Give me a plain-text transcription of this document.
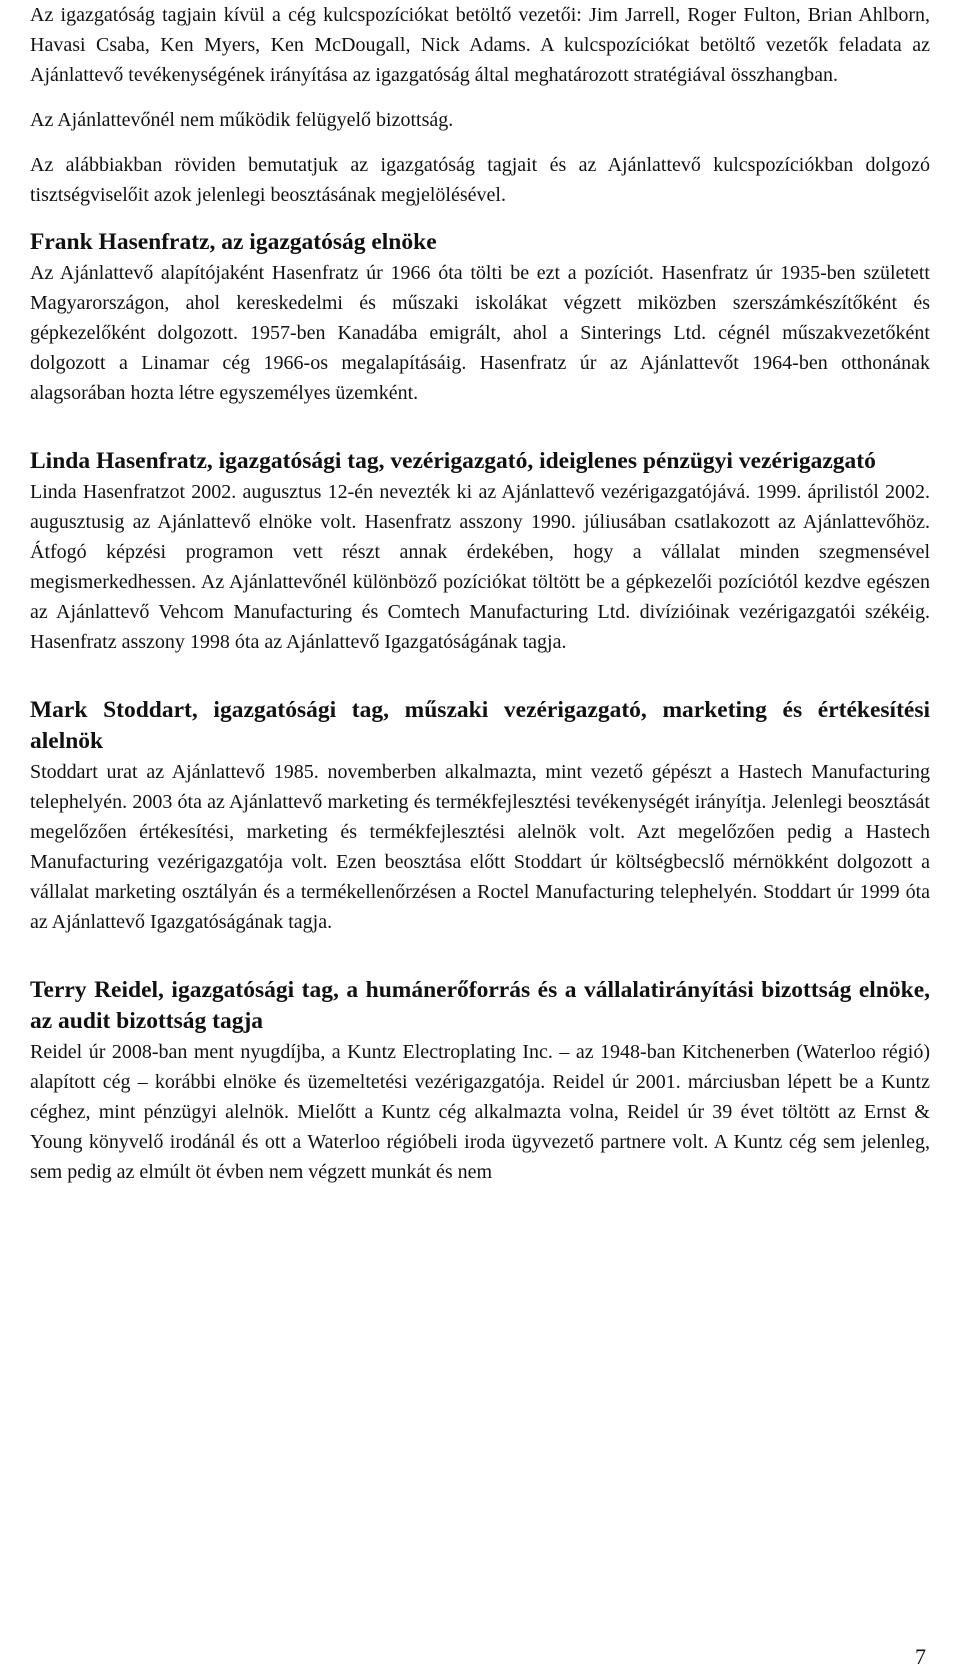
Az igazgatóság tagjain kívül a cég kulcspozíciókat betöltő vezetői: Jim Jarrell, Roger Fulton, Brian Ahlborn, Havasi Csaba, Ken Myers, Ken McDougall, Nick Adams. A kulcspozíciókat betöltő vezetők feladata az Ajánlattevő tevékenységének irányítása az igazgatóság által meghatározott stratégiával összhangban.

Az Ajánlattevőnél nem működik felügyelő bizottság.

Az alábbiakban röviden bemutatjuk az igazgatóság tagjait és az Ajánlattevő kulcspozíciókban dolgozó tisztségviselőit azok jelenlegi beosztásának megjelölésével.

Frank Hasenfratz, az igazgatóság elnöke

Az Ajánlattevő alapítójaként Hasenfratz úr 1966 óta tölti be ezt a pozíciót. Hasenfratz úr 1935-ben született Magyarországon, ahol kereskedelmi és műszaki iskolákat végzett miközben szerszámkészítőként és gépkezelőként dolgozott. 1957-ben Kanadába emigrált, ahol a Sinterings Ltd. cégnél műszakvezetőként dolgozott a Linamar cég 1966-os megalapításáig. Hasenfratz úr az Ajánlattevőt 1964-ben otthonának alagsorában hozta létre egyszemélyes üzemként.

Linda Hasenfratz, igazgatósági tag, vezérigazgató, ideiglenes pénzügyi vezérigazgató

Linda Hasenfratzot 2002. augusztus 12-én nevezték ki az Ajánlattevő vezérigazgatójává. 1999. áprilistól 2002. augusztusig az Ajánlattevő elnöke volt. Hasenfratz asszony 1990. júliusában csatlakozott az Ajánlattevőhöz. Átfogó képzési programon vett részt annak érdekében, hogy a vállalat minden szegmensével megismerkedhessen. Az Ajánlattevőnél különböző pozíciókat töltött be a gépkezelői pozíciótól kezdve egészen az Ajánlattevő Vehcom Manufacturing és Comtech Manufacturing Ltd. divízióinak vezérigazgatói székéig. Hasenfratz asszony 1998 óta az Ajánlattevő Igazgatóságának tagja.

Mark Stoddart, igazgatósági tag, műszaki vezérigazgató, marketing és értékesítési alelnök

Stoddart urat az Ajánlattevő 1985. novemberben alkalmazta, mint vezető gépészt a Hastech Manufacturing telephelyén. 2003 óta az Ajánlattevő marketing és termékfejlesztési tevékenységét irányítja. Jelenlegi beosztását megelőzően értékesítési, marketing és termékfejlesztési alelnök volt. Azt megelőzően pedig a Hastech Manufacturing vezérigazgatója volt. Ezen beosztása előtt Stoddart úr költségbecslő mérnökként dolgozott a vállalat marketing osztályán és a termékellenőrzésen a Roctel Manufacturing telephelyén. Stoddart úr 1999 óta az Ajánlattevő Igazgatóságának tagja.

Terry Reidel, igazgatósági tag, a humánerőforrás és a vállalatirányítási bizottság elnöke, az audit bizottság tagja

Reidel úr 2008-ban ment nyugdíjba, a Kuntz Electroplating Inc. – az 1948-ban Kitchenerben (Waterloo régió) alapított cég – korábbi elnöke és üzemeltetési vezérigazgatója. Reidel úr 2001. márciusban lépett be a Kuntz céghez, mint pénzügyi alelnök. Mielőtt a Kuntz cég alkalmazta volna, Reidel úr 39 évet töltött az Ernst & Young könyvelő irodánál és ott a Waterloo régióbeli iroda ügyvezető partnere volt. A Kuntz cég sem jelenleg, sem pedig az elmúlt öt évben nem végzett munkát és nem

7
